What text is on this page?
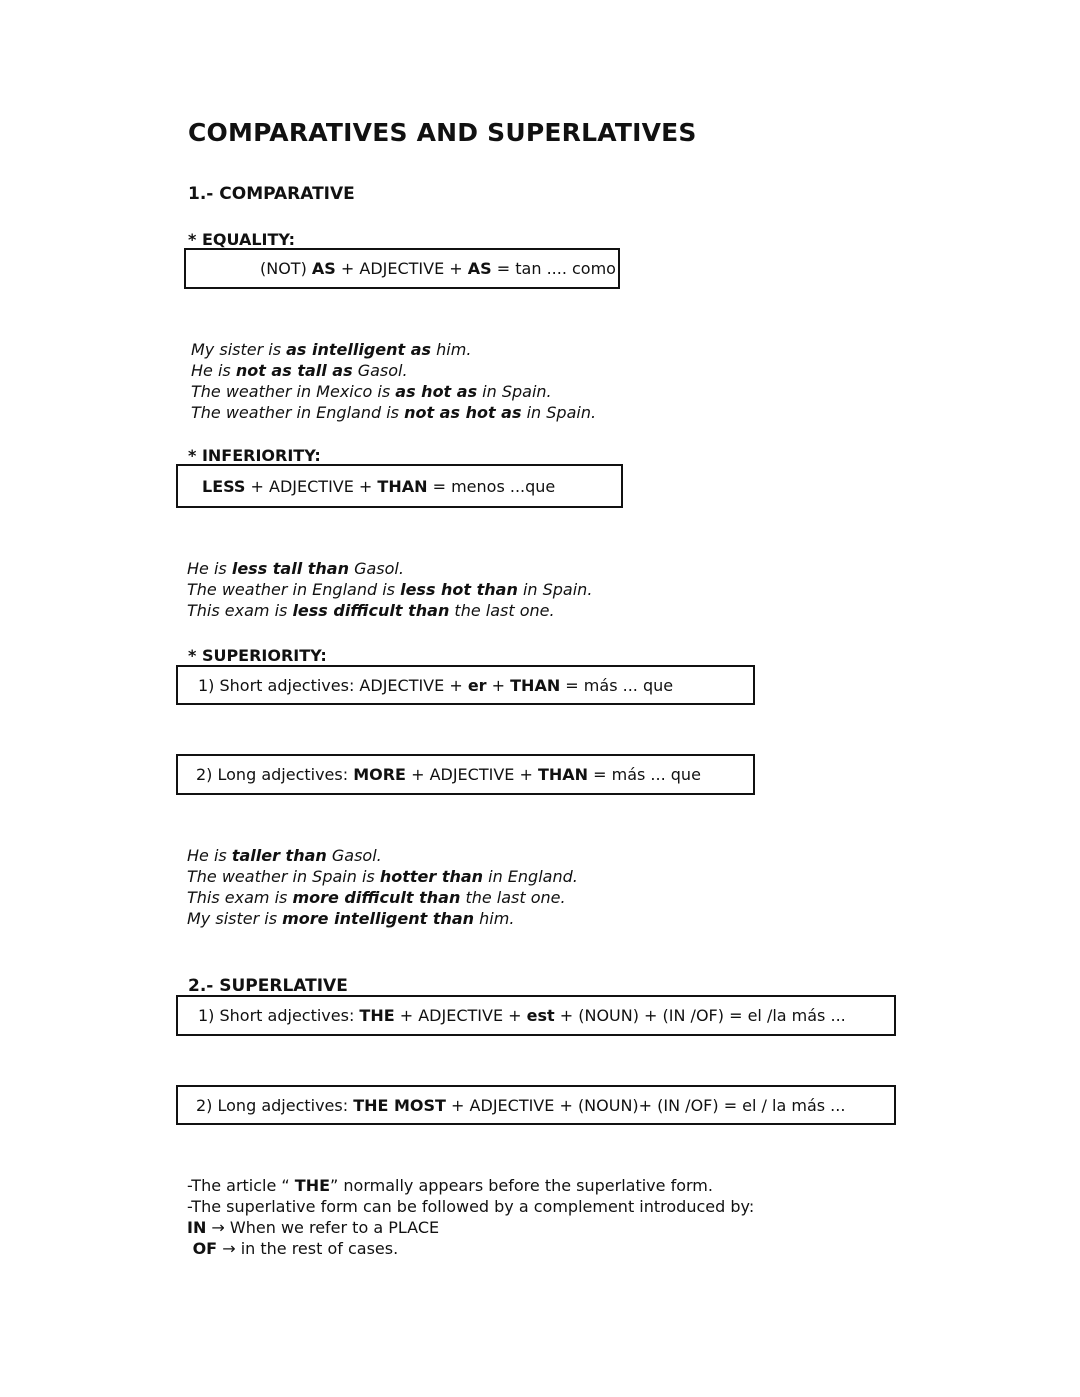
COMPARATIVES AND SUPERLATIVES
1.- COMPARATIVE
* EQUALITY:
(NOT) AS + ADJECTIVE + AS = tan .... como
My sister is as intelligent as him.
He is not as tall as Gasol.
The weather in Mexico is as hot as in Spain.
The weather in England is not as hot as in Spain.
* INFERIORITY:
LESS + ADJECTIVE + THAN = menos ...que
He is less tall than Gasol.
The weather in England is less hot than in Spain.
This exam is less difficult than the last one.
* SUPERIORITY:
1) Short adjectives: ADJECTIVE + er + THAN = más ... que
2) Long adjectives: MORE + ADJECTIVE + THAN = más ... que
He is taller than Gasol.
The weather in Spain is hotter than in England.
This exam is more difficult than the last one.
My sister is more intelligent than him.
2.- SUPERLATIVE
1) Short adjectives: THE + ADJECTIVE + est + (NOUN) + (IN /OF) = el /la más ...
2) Long adjectives: THE MOST + ADJECTIVE + (NOUN)+ (IN /OF) = el / la más ...
-The article “ THE” normally appears before the superlative form.
-The superlative form can be followed by a complement introduced by:
IN → When we refer to a PLACE
OF → in the rest of cases.
